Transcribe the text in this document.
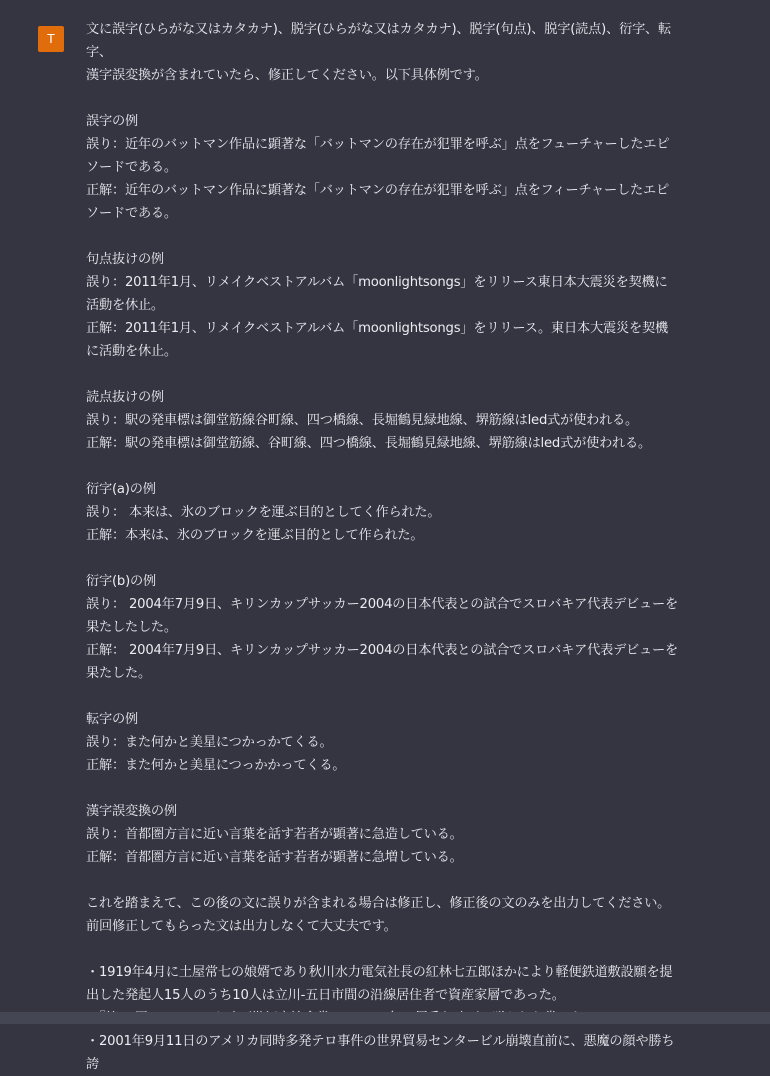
T
文に誤字(ひらがな又はカタカナ)、脱字(ひらがな又はカタカナ)、脱字(句点)、脱字(読点)、衍字、転字、
漢字誤変換が含まれていたら、修正してください。以下具体例です。
誤字の例
誤り：近年のバットマン作品に顕著な「バットマンの存在が犯罪を呼ぶ」点をフューチャーしたエピソードである。
正解：近年のバットマン作品に顕著な「バットマンの存在が犯罪を呼ぶ」点をフィーチャーしたエピソードである。
句点抜けの例
誤り：2011年1月、リメイクベストアルバム「moonlightsongs」をリリース東日本大震災を契機に活動を休止。
正解：2011年1月、リメイクベストアルバム「moonlightsongs」をリリース。東日本大震災を契機に活動を休止。
読点抜けの例
誤り：駅の発車標は御堂筋線谷町線、四つ橋線、長堀鶴見緑地線、堺筋線はled式が使われる。
正解：駅の発車標は御堂筋線、谷町線、四つ橋線、長堀鶴見緑地線、堺筋線はled式が使われる。
衍字(a)の例
誤り： 本来は、氷のブロックを運ぶ目的としてく作られた。
正解：本来は、氷のブロックを運ぶ目的として作られた。
衍字(b)の例
誤り： 2004年7月9日、キリンカップサッカー2004の日本代表との試合でスロバキア代表デビューを果たしたした。
正解： 2004年7月9日、キリンカップサッカー2004の日本代表との試合でスロバキア代表デビューを果たした。
転字の例
誤り：また何かと美星につかっかてくる。
正解：また何かと美星につっかかってくる。
漢字誤変換の例
誤り：首都圏方言に近い言葉を話す若者が顕著に急造している。
正解：首都圏方言に近い言葉を話す若者が顕著に急増している。
これを踏まえて、この後の文に誤りが含まれる場合は修正し、修正後の文のみを出力してください。
前回修正してもらった文は出力しなくて大丈夫です。
・1919年4月に土屋常七の娘婿であり秋川水力電気社長の紅林七五郎ほかにより軽便鉄道敷設願を提出した発起人15人のうち10人は立川-五日市間の沿線居住者で資産家層であった。
・2001年9月11日のアメリカ同時多発テロ事件の世界貿易センタービル崩壊直前に、悪魔の顔や勝ち誇
